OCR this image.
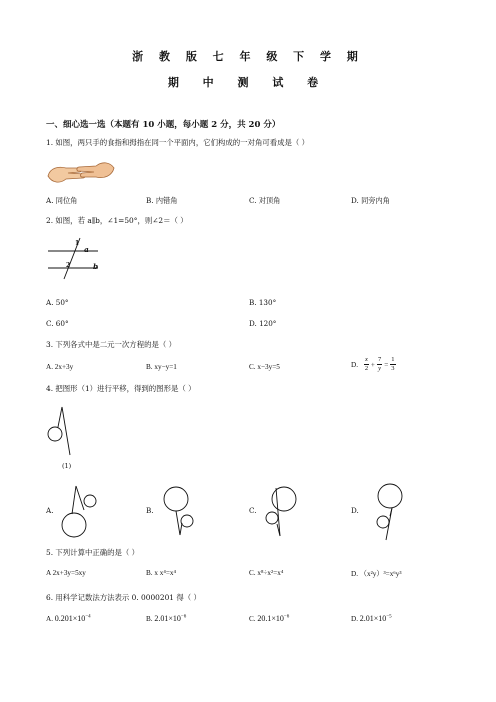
浙 教 版 七 年 级 下 学 期
期 中 测 试 卷
一、细心选一选（本题有 10 小题，每小题 2 分，共 20 分）
1. 如图，两只手的食指和拇指在同一个平面内，它们构成的一对角可看成是（ ）
A. 同位角	B. 内错角	C. 对顶角	D. 同旁内角
2. 如图，若 a∥b，∠1=50°，则∠2＝（ ）
a
b
1
2
A. 50°	B. 130°
C. 60°	D. 120°
3. 下列各式中是二元一次方程的是（ ）
A. 2x+3y	B. xy−y=1	C. x−3y=5	D. $\frac{x}{2} + \frac{7}{y} = \frac{1}{3}$
4. 把图形（1）进行平移，得到的图形是（ ）
(1)
A.	B.	C.	D.
5. 下列计算中正确的是（ ）
A 2x+3y=5xy	B. x x⁴=x⁴	C. x⁸÷x²=x⁴	D. （x²y）³=x⁶y³
6. 用科学记数法方法表示 0. 0000201 得（ ）
A. $0.201\times 10^{-4}$	B. $2.01\times 10^{-6}$	C. $20.1\times 10^{-6}$	D. $2.01\times 10^{-5}$
